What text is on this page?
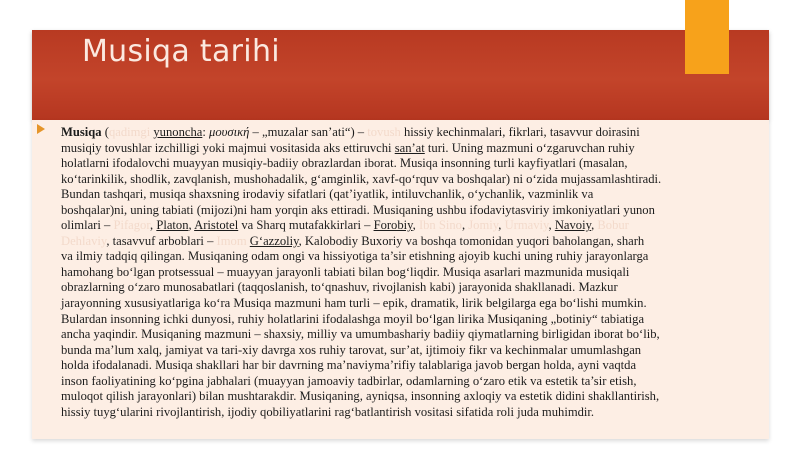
Musiqa tarihi
Musiqa (qadimgi yunoncha: μουσική – „muzalar san’ati“) – tovush hissiy kechinmalari, fikrlari, tasavvur doirasini
musiqiy tovushlar izchilligi yoki majmui vositasida aks ettiruvchi san’at turi. Uning mazmuni o‘zgaruvchan ruhiy
holatlarni ifodalovchi muayyan musiqiy-badiiy obrazlardan iborat. Musiqa insonning turli kayfiyatlari (masalan,
ko‘tarinkilik, shodlik, zavqlanish, mushohadalik, g‘amginlik, xavf-qo‘rquv va boshqalar) ni o‘zida mujassamlashtiradi.
Bundan tashqari, musiqa shaxsning irodaviy sifatlari (qat’iyatlik, intiluvchanlik, o‘ychanlik, vazminlik va
boshqalar)ni, uning tabiati (mijozi)ni ham yorqin aks ettiradi. Musiqaning ushbu ifodaviytasviriy imkoniyatlari yunon
olimlari – Pifagor, Platon, Aristotel va Sharq mutafakkirlari – Forobiy, Ibn Sino, Jomiy, Urmaviy, Navoiy, Bobur
Dehlaviy, tasavvuf arboblari – Imom G‘azzoliy, Kalobodiy Buxoriy va boshqa tomonidan yuqori baholangan, sharh
va ilmiy tadqiq qilingan. Musiqaning odam ongi va hissiyotiga ta’sir etishning ajoyib kuchi uning ruhiy jarayonlarga
hamohang bo‘lgan protsessual – muayyan jarayonli tabiati bilan bog‘liqdir. Musiqa asarlari mazmunida musiqali
obrazlarning o‘zaro munosabatlari (taqqoslanish, to‘qnashuv, rivojlanish kabi) jarayonida shakllanadi. Mazkur
jarayonning xususiyatlariga ko‘ra Musiqa mazmuni ham turli – epik, dramatik, lirik belgilarga ega bo‘lishi mumkin.
Bulardan insonning ichki dunyosi, ruhiy holatlarini ifodalashga moyil bo‘lgan lirika Musiqaning „botiniy“ tabiatiga
ancha yaqindir. Musiqaning mazmuni – shaxsiy, milliy va umumbashariy badiiy qiymatlarning birligidan iborat bo‘lib,
bunda ma’lum xalq, jamiyat va tari-xiy davrga xos ruhiy tarovat, sur’at, ijtimoiy fikr va kechinmalar umumlashgan
holda ifodalanadi. Musiqa shakllari har bir davrning ma’naviyma’rifiy talablariga javob bergan holda, ayni vaqtda
inson faoliyatining ko‘pgina jabhalari (muayyan jamoaviy tadbirlar, odamlarning o‘zaro etik va estetik ta’sir etish,
muloqot qilish jarayonlari) bilan mushtarakdir. Musiqaning, ayniqsa, insonning axloqiy va estetik didini shakllantirish,
hissiy tuyg‘ularini rivojlantirish, ijodiy qobiliyatlarini rag‘batlantirish vositasi sifatida roli juda muhimdir.
